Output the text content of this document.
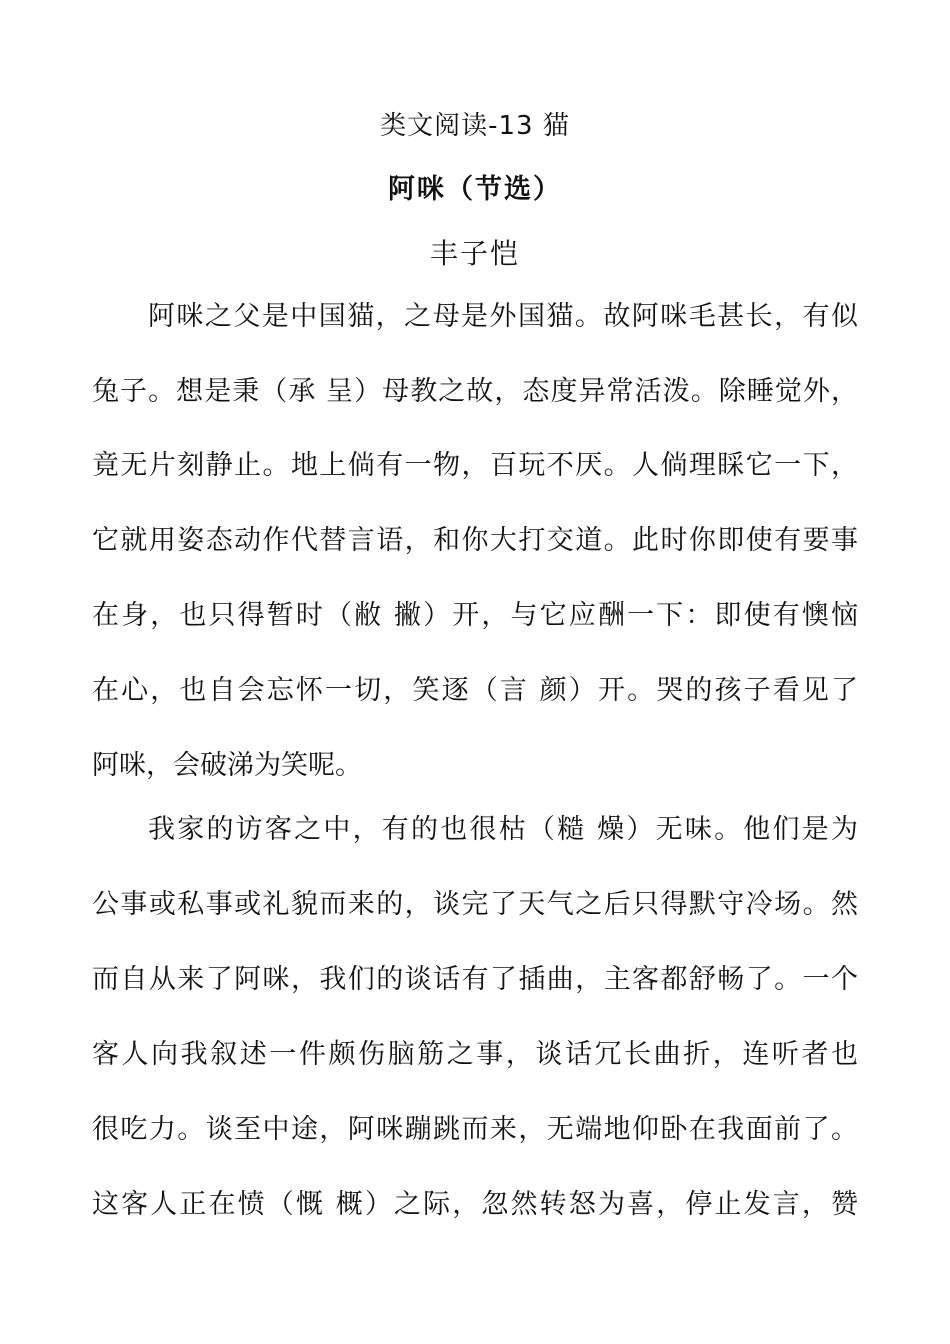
类文阅读-13 猫
阿咪（节选）
丰子恺
阿咪之父是中国猫，之母是外国猫。故阿咪毛甚长，有似
兔子。想是秉（承 呈）母教之故，态度异常活泼。除睡觉外，
竟无片刻静止。地上倘有一物，百玩不厌。人倘理睬它一下，
它就用姿态动作代替言语，和你大打交道。此时你即使有要事
在身，也只得暂时（敝 撇）开，与它应酬一下：即使有懊恼
在心，也自会忘怀一切，笑逐（言 颜）开。哭的孩子看见了
阿咪，会破涕为笑呢。
我家的访客之中，有的也很枯（糙 燥）无味。他们是为
公事或私事或礼貌而来的，谈完了天气之后只得默守冷场。然
而自从来了阿咪，我们的谈话有了插曲，主客都舒畅了。一个
客人向我叙述一件颇伤脑筋之事，谈话冗长曲折，连听者也
很吃力。谈至中途，阿咪蹦跳而来，无端地仰卧在我面前了。
这客人正在愤（慨 概）之际，忽然转怒为喜，停止发言，赞
